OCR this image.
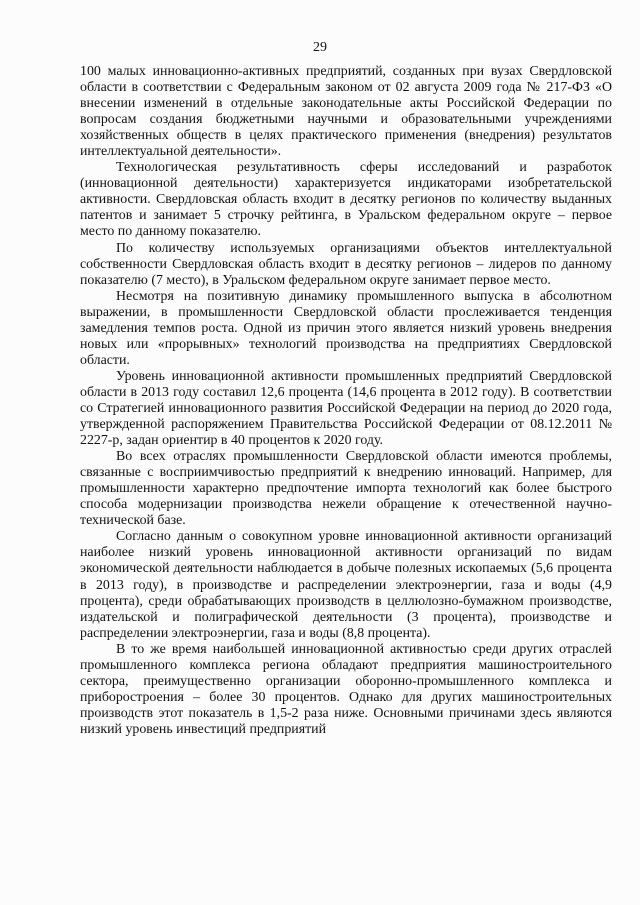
29

100 малых инновационно-активных предприятий, созданных при вузах Свердловской области в соответствии с Федеральным законом от 02 августа 2009 года № 217-ФЗ «О внесении изменений в отдельные законодательные акты Российской Федерации по вопросам создания бюджетными научными и образовательными учреждениями хозяйственных обществ в целях практического применения (внедрения) результатов интеллектуальной деятельности».

Технологическая результативность сферы исследований и разработок (инновационной деятельности) характеризуется индикаторами изобретательской активности. Свердловская область входит в десятку регионов по количеству выданных патентов и занимает 5 строчку рейтинга, в Уральском федеральном округе – первое место по данному показателю.

По количеству используемых организациями объектов интеллектуальной собственности Свердловская область входит в десятку регионов – лидеров по данному показателю (7 место), в Уральском федеральном округе занимает первое место.

Несмотря на позитивную динамику промышленного выпуска в абсолютном выражении, в промышленности Свердловской области прослеживается тенденция замедления темпов роста. Одной из причин этого является низкий уровень внедрения новых или «прорывных» технологий производства на предприятиях Свердловской области.

Уровень инновационной активности промышленных предприятий Свердловской области в 2013 году составил 12,6 процента (14,6 процента в 2012 году). В соответствии со Стратегией инновационного развития Российской Федерации на период до 2020 года, утвержденной распоряжением Правительства Российской Федерации от 08.12.2011 № 2227-р, задан ориентир в 40 процентов к 2020 году.

Во всех отраслях промышленности Свердловской области имеются проблемы, связанные с восприимчивостью предприятий к внедрению инноваций. Например, для промышленности характерно предпочтение импорта технологий как более быстрого способа модернизации производства нежели обращение к отечественной научно-технической базе.

Согласно данным о совокупном уровне инновационной активности организаций наиболее низкий уровень инновационной активности организаций по видам экономической деятельности наблюдается в добыче полезных ископаемых (5,6 процента в 2013 году), в производстве и распределении электроэнергии, газа и воды (4,9 процента), среди обрабатывающих производств в целлюлозно-бумажном производстве, издательской и полиграфической деятельности (3 процента), производстве и распределении электроэнергии, газа и воды (8,8 процента).

В то же время наибольшей инновационной активностью среди других отраслей промышленного комплекса региона обладают предприятия машиностроительного сектора, преимущественно организации оборонно-промышленного комплекса и приборостроения – более 30 процентов. Однако для других машиностроительных производств этот показатель в 1,5-2 раза ниже. Основными причинами здесь являются низкий уровень инвестиций предприятий
